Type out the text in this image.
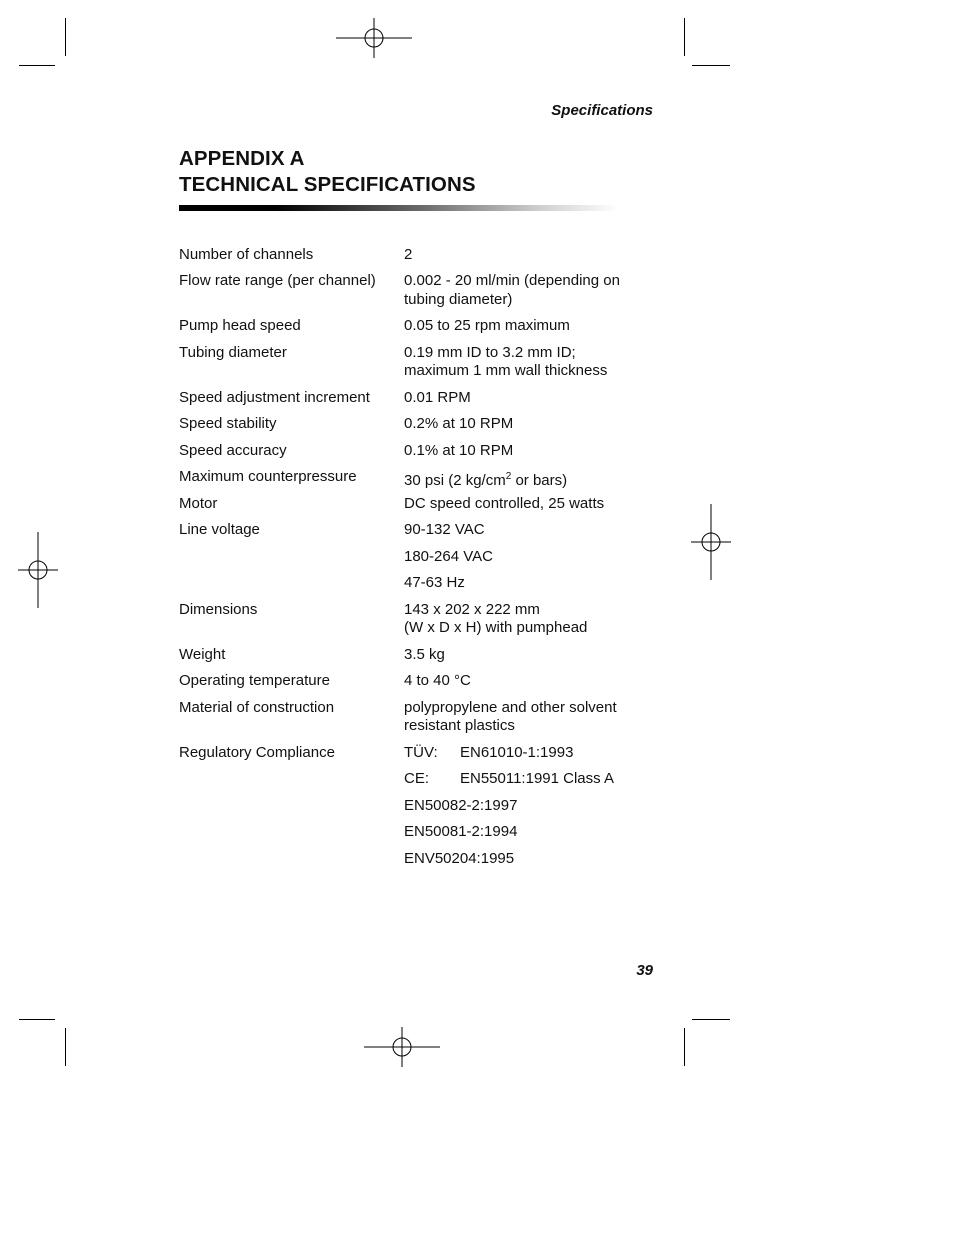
Specifications
APPENDIX A
TECHNICAL SPECIFICATIONS
Number of channels	2
Flow rate range (per channel) 0.002 - 20 ml/min (depending on
tubing diameter)
Pump head speed	0.05 to 25 rpm maximum
Tubing diameter	0.19 mm ID to 3.2 mm ID;
maximum 1 mm wall thickness
Speed adjustment increment 0.01 RPM
Speed stability	0.2% at 10 RPM
Speed accuracy	0.1% at 10 RPM
Maximum counterpressure	30 psi (2 $kg/cm^2$ or bars)
Motor	DC speed controlled, 25 watts
Line voltage	90-132 VAC
180-264 VAC
47-63 Hz
Dimensions	143 x 202 x 222 mm
(W x D x H) with pumphead
Weight	3.5 kg
Operating temperature	4 to 40 °C
Material of construction	polypropylene and other solvent
resistant plastics
Regulatory Compliance	TÜV: EN61010-1:1993
CE: EN55011:1991 Class A
EN50082-2:1997
EN50081-2:1994
ENV50204:1995
39
